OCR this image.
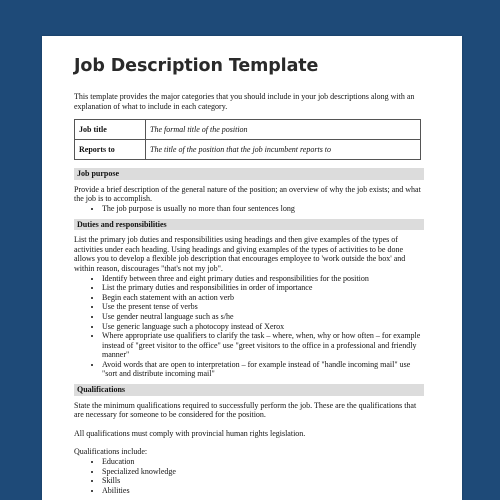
Job Description Template

This template provides the major categories that you should include in your job descriptions along with an explanation of what to include in each category.

Job title	The formal title of the position
Reports to	The title of the position that the job incumbent reports to
Job purpose

Provide a brief description of the general nature of the position; an overview of why the job exists; and what the job is to accomplish.

• The job purpose is usually no more than four sentences long
Duties and responsibilities

List the primary job duties and responsibilities using headings and then give examples of the types of activities under each heading. Using headings and giving examples of the types of activities to be done allows you to develop a flexible job description that encourages employee to 'work outside the box' and within reason, discourages "that's not my job".

• Identify between three and eight primary duties and responsibilities for the position
• List the primary duties and responsibilities in order of importance
• Begin each statement with an action verb
• Use the present tense of verbs
• Use gender neutral language such as s/he
• Use generic language such a photocopy instead of Xerox
• Where appropriate use qualifiers to clarify the task – where, when, why or how often – for example instead of "greet visitor to the office" use "greet visitors to the office in a professional and friendly manner"
• Avoid words that are open to interpretation – for example instead of "handle incoming mail" use "sort and distribute incoming mail"
Qualifications

State the minimum qualifications required to successfully perform the job. These are the qualifications that are necessary for someone to be considered for the position.

All qualifications must comply with provincial human rights legislation.

Qualifications include:

• Education
• Specialized knowledge
• Skills
• Abilities
